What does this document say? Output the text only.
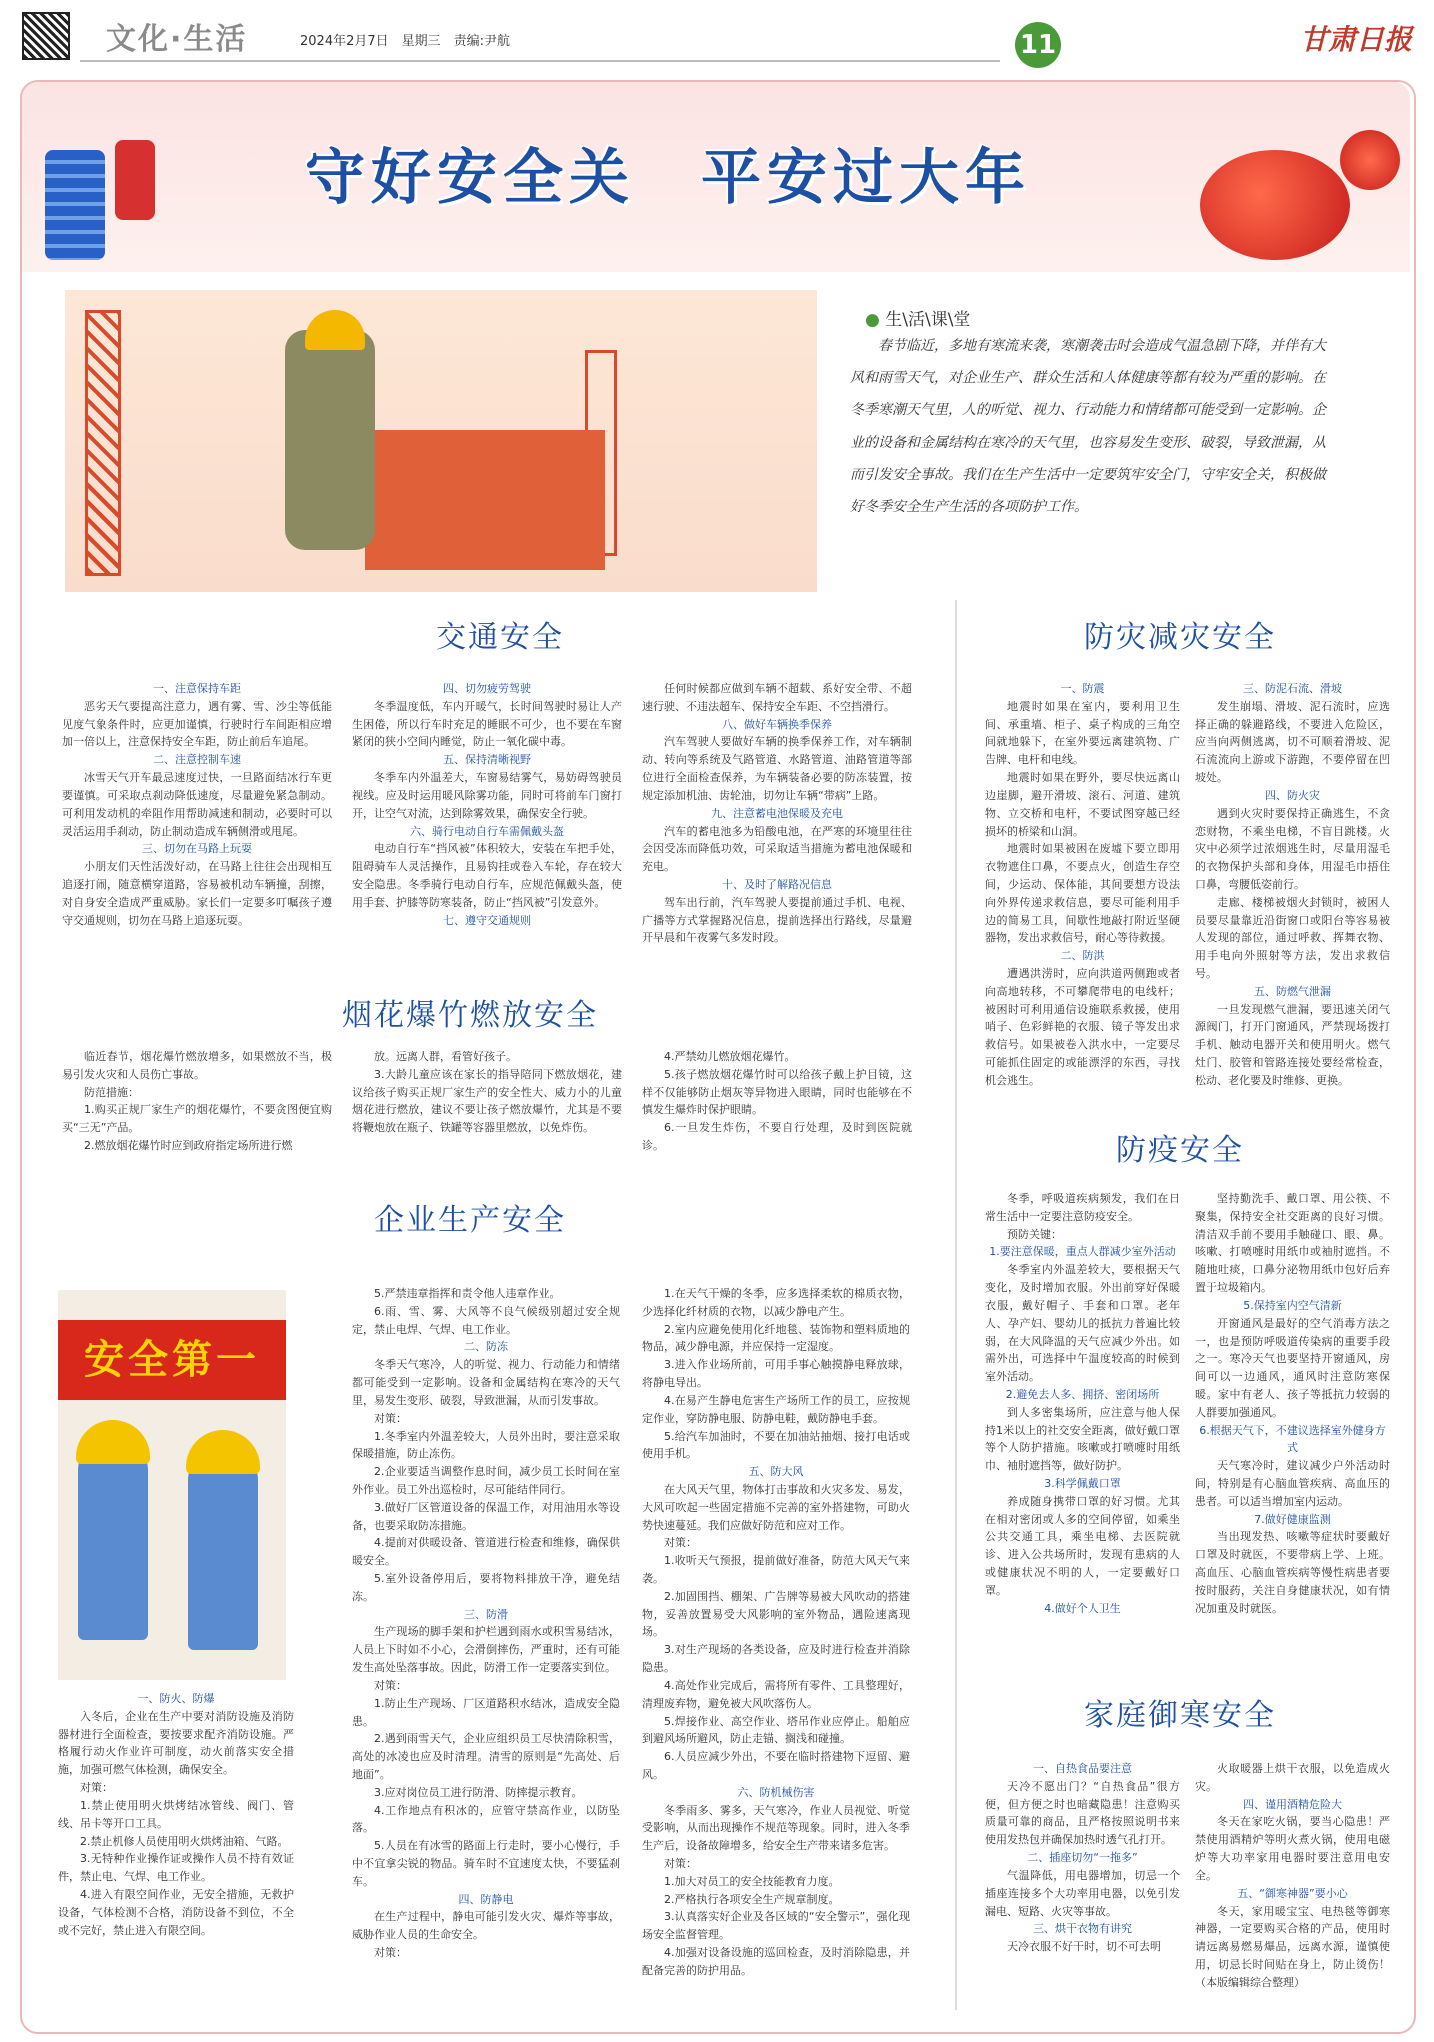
文化·生活	2024年2月7日　星期三　责编:尹航	11	甘肃日报
守好安全关　平安过大年
● 生\活\课\堂
春节临近，多地有寒流来袭，寒潮袭击时会造成气温急剧下降，并伴有大风和雨雪天气，对企业生产、群众生活和人体健康等都有较为严重的影响。在冬季寒潮天气里，人的听觉、视力、行动能力和情绪都可能受到一定影响。企业的设备和金属结构在寒冷的天气里，也容易发生变形、破裂，导致泄漏，从而引发安全事故。我们在生产生活中一定要筑牢安全门，守牢安全关，积极做好冬季安全生产生活的各项防护工作。
交通安全
一、注意保持车距

恶劣天气要提高注意力，遇有雾、雪、沙尘等低能见度气象条件时，应更加谨慎，行驶时行车间距相应增加一倍以上，注意保持安全车距，防止前后车追尾。

二、注意控制车速

冰雪天气开车最忌速度过快，一旦路面结冰行车更要谨慎。可采取点刹动降低速度，尽量避免紧急制动。可利用发动机的牵阻作用帮助减速和制动，必要时可以灵活运用手刹动，防止制动造成车辆侧滑或甩尾。

三、切勿在马路上玩耍

小朋友们天性活泼好动，在马路上往往会出现相互追逐打闹，随意横穿道路，容易被机动车辆撞，刮擦，对自身安全造成严重威胁。家长们一定要多叮嘱孩子遵守交通规则，切勿在马路上追逐玩耍。

四、切勿疲劳驾驶

冬季温度低，车内开暖气，长时间驾驶时易让人产生困倦，所以行车时充足的睡眠不可少，也不要在车窗紧闭的狭小空间内睡觉，防止一氧化碳中毒。

五、保持清晰视野

冬季车内外温差大，车窗易结雾气，易妨碍驾驶员视线。应及时运用暖风除雾功能，同时可将前车门窗打开，让空气对流，达到除雾效果，确保安全行驶。

六、骑行电动自行车需佩戴头盔

电动自行车“挡风被”体积较大，安装在车把手处，阻碍骑车人灵活操作，且易钩挂或卷入车轮，存在较大安全隐患。冬季骑行电动自行车，应规范佩戴头盔，使用手套、护膝等防寒装备，防止“挡风被”引发意外。

七、遵守交通规则

任何时候都应做到车辆不超载、系好安全带、不超速行驶、不违法超车、保持安全车距、不空挡滑行。

八、做好车辆换季保养

汽车驾驶人要做好车辆的换季保养工作，对车辆制动、转向等系统及气路管道、水路管道、油路管道等部位进行全面检查保养，为车辆装备必要的防冻装置，按规定添加机油、齿轮油，切勿让车辆“带病”上路。

九、注意蓄电池保暖及充电

汽车的蓄电池多为铅酸电池，在严寒的环境里往往会因受冻而降低功效，可采取适当措施为蓄电池保暖和充电。

十、及时了解路况信息

驾车出行前，汽车驾驶人要提前通过手机、电视、广播等方式掌握路况信息，提前选择出行路线，尽量避开早晨和午夜雾气多发时段。

烟花爆竹燃放安全

临近春节，烟花爆竹燃放增多，如果燃放不当，极易引发火灾和人员伤亡事故。

防范措施：

1.购买正规厂家生产的烟花爆竹，不要贪图便宜购买“三无”产品。

2.燃放烟花爆竹时应到政府指定场所进行燃

放。远离人群，看管好孩子。

3.大龄儿童应该在家长的指导陪同下燃放烟花，建议给孩子购买正规厂家生产的安全性大、威力小的儿童烟花进行燃放，建议不要让孩子燃放爆竹，尤其是不要将鞭炮放在瓶子、铁罐等容器里燃放，以免炸伤。

4.严禁幼儿燃放烟花爆竹。

5.孩子燃放烟花爆竹时可以给孩子戴上护目镜，这样不仅能够防止烟灰等异物进入眼睛，同时也能够在不慎发生爆炸时保护眼睛。

6.一旦发生炸伤，不要自行处理，及时到医院就诊。

企业生产安全
安全第一
一、防火、防爆

入冬后，企业在生产中要对消防设施及消防器材进行全面检查，要按要求配齐消防设施。严格履行动火作业许可制度，动火前落实安全措施，加强可燃气体检测，确保安全。

对策：

1.禁止使用明火烘烤结冰管线、阀门、管线、吊卡等开口工具。

2.禁止机修人员使用明火烘烤油箱、气路。

3.无特种作业操作证或操作人员不持有效证件，禁止电、气焊、电工作业。

4.进入有限空间作业，无安全措施，无救护设备，气体检测不合格，消防设备不到位，不全或不完好，禁止进入有限空间。

5.严禁违章指挥和责令他人违章作业。

6.雨、雪、雾、大风等不良气候级别超过安全规定，禁止电焊、气焊、电工作业。

二、防冻

冬季天气寒冷，人的听觉、视力、行动能力和情绪都可能受到一定影响。设备和金属结构在寒冷的天气里，易发生变形、破裂，导致泄漏，从而引发事故。

对策：

1.冬季室内外温差较大，人员外出时，要注意采取保暖措施，防止冻伤。

2.企业要适当调整作息时间，减少员工长时间在室外作业。员工外出巡检时，尽可能结伴同行。

3.做好厂区管道设备的保温工作，对用油用水等设备，也要采取防冻措施。

4.提前对供暖设备、管道进行检查和维修，确保供暖安全。

5.室外设备停用后，要将物料排放干净，避免结冻。

三、防滑

生产现场的脚手架和护栏遇到雨水或积雪易结冰，人员上下时如不小心，会滑倒摔伤，严重时，还有可能发生高处坠落事故。因此，防滑工作一定要落实到位。

对策：

1.防止生产现场、厂区道路积水结冰，造成安全隐患。

2.遇到雨雪天气，企业应组织员工尽快清除积雪，高处的冰凌也应及时清理。清雪的原则是“先高处、后地面”。

3.应对岗位员工进行防滑、防摔提示教育。

4.工作地点有积冰的，应管守禁高作业，以防坠落。

5.人员在有冰雪的路面上行走时，要小心慢行，手中不宜拿尖锐的物品。骑车时不宜速度太快，不要猛刹车。

四、防静电

在生产过程中，静电可能引发火灾、爆炸等事故，威胁作业人员的生命安全。

对策：

1.在天气干燥的冬季，应多选择柔软的棉质衣物，少选择化纤材质的衣物，以减少静电产生。

2.室内应避免使用化纤地毯、装饰物和塑料质地的物品，减少静电源，并应保持一定湿度。

3.进入作业场所前，可用手事心触摸静电释放球，将静电导出。

4.在易产生静电危害生产场所工作的员工，应按规定作业，穿防静电服、防静电鞋，戴防静电手套。

5.给汽车加油时，不要在加油站抽烟、接打电话或使用手机。

五、防大风

在大风天气里，物体打击事故和火灾多发、易发，大风可吹起一些固定措施不完善的室外搭建物，可助火势快速蔓延。我们应做好防范和应对工作。

对策：

1.收听天气预报，提前做好准备，防范大风天气来袭。

2.加固围挡、棚架、广告牌等易被大风吹动的搭建物，妥善放置易受大风影响的室外物品，遇险速离现场。

3.对生产现场的各类设备，应及时进行检查并消除隐患。

4.高处作业完成后，需将所有零件、工具整理好，清理废弃物，避免被大风吹落伤人。

5.焊接作业、高空作业、塔吊作业应停止。船舶应到避风场所避风，防止走锚、搁浅和碰撞。

6.人员应减少外出，不要在临时搭建物下逗留、避风。

六、防机械伤害

冬季雨多、雾多，天气寒冷，作业人员视觉、听觉受影响，从而出现操作不规范等现象。同时，进入冬季生产后，设备故障增多，给安全生产带来诸多危害。

对策：

1.加大对员工的安全技能教育力度。

2.严格执行各项安全生产规章制度。

3.认真落实好企业及各区域的“安全警示”，强化现场安全监督管理。

4.加强对设备设施的巡回检查，及时消除隐患，并配备完善的防护用品。

防灾减灾安全
一、防震

地震时如果在室内，要利用卫生间、承重墙、柜子、桌子构成的三角空间就地躲下，在室外要远离建筑物、广告牌、电杆和电线。

地震时如果在野外，要尽快远离山边崖脚，避开滑坡、滚石、河道、建筑物、立交桥和电杆，不要试图穿越已经损坏的桥梁和山洞。

地震时如果被困在废墟下要立即用衣物遮住口鼻，不要点火，创造生存空间，少运动、保体能，其间要想方设法向外界传递求救信息，要尽可能利用手边的简易工具，间歇性地敲打附近坚硬器物，发出求救信号，耐心等待救援。

二、防洪

遭遇洪涝时，应向洪道两侧跑或者向高地转移，不可攀爬带电的电线杆；被困时可利用通信设施联系救援，使用哨子、色彩鲜艳的衣服、镜子等发出求救信号。如果被卷入洪水中，一定要尽可能抓住固定的或能漂浮的东西，寻找机会逃生。

三、防泥石流、滑坡

发生崩塌、滑坡、泥石流时，应选择正确的躲避路线，不要进入危险区，应当向两侧逃离，切不可顺着滑坡、泥石流流向上游或下游跑，不要停留在凹坡处。

四、防火灾

遇到火灾时要保持正确逃生，不贪恋财物，不乘坐电梯，不盲目跳楼。火灾中必须学过浓烟逃生时，尽量用湿毛的衣物保护头部和身体，用湿毛巾捂住口鼻，弯腰低姿前行。

走廊、楼梯被烟火封锁时，被困人员要尽量靠近沿街窗口或阳台等容易被人发现的部位，通过呼救、挥舞衣物、用手电向外照射等方法，发出求救信号。

五、防燃气泄漏

一旦发现燃气泄漏，要迅速关闭气源阀门，打开门窗通风，严禁现场拨打手机、触动电器开关和使用明火。燃气灶门、胶管和管路连接处要经常检查，松动、老化要及时维修、更换。

防疫安全

冬季，呼吸道疾病频发，我们在日常生活中一定要注意防疫安全。

预防关键：

1.要注意保暖，重点人群减少室外活动

冬季室内外温差较大，要根据天气变化，及时增加衣服。外出前穿好保暖衣服，戴好帽子、手套和口罩。老年人、孕产妇、婴幼儿的抵抗力普遍比较弱，在大风降温的天气应减少外出。如需外出，可选择中午温度较高的时候到室外活动。

2.避免去人多、拥挤、密闭场所

到人多密集场所，应注意与他人保持1米以上的社交安全距离，做好戴口罩等个人防护措施。咳嗽或打喷嚏时用纸巾、袖肘遮挡等，做好防护。

3.科学佩戴口罩

养成随身携带口罩的好习惯。尤其在相对密闭或人多的空间停留，如乘坐公共交通工具，乘坐电梯、去医院就诊、进入公共场所时，发现有患病的人或健康状况不明的人，一定要戴好口罩。

4.做好个人卫生

坚持勤洗手、戴口罩、用公筷、不聚集，保持安全社交距离的良好习惯。清洁双手前不要用手触碰口、眼、鼻。咳嗽、打喷嚏时用纸巾或袖肘遮挡。不随地吐痰，口鼻分泌物用纸巾包好后弃置于垃圾箱内。

5.保持室内空气清新

开窗通风是最好的空气消毒方法之一，也是预防呼吸道传染病的重要手段之一。寒冷天气也要坚持开窗通风，房间可以一边通风，通风时注意防寒保暖。家中有老人、孩子等抵抗力较弱的人群要加强通风。

6.根据天气下，不建议选择室外健身方式

天气寒冷时，建议减少户外活动时间，特别是有心脑血管疾病、高血压的患者。可以适当增加室内运动。

7.做好健康监测

当出现发热、咳嗽等症状时要戴好口罩及时就医，不要带病上学、上班。高血压、心脑血管疾病等慢性病患者要按时服药，关注自身健康状况，如有情况加重及时就医。

家庭御寒安全
一、自热食品要注意

天冷不愿出门？“自热食品”很方便，但方便之时也暗藏隐患！注意购买质量可靠的商品，且严格按照说明书来使用发热包并确保加热时透气孔打开。

二、插座切勿“一拖多”

气温降低，用电器增加，切忌一个插座连接多个大功率用电器，以免引发漏电、短路、火灾等事故。

三、烘干衣物有讲究

天冷衣服不好干时，切不可去明

火取暖器上烘干衣服，以免造成火灾。

四、谨用酒精危险大

冬天在家吃火锅，要当心隐患！严禁使用酒精炉等明火煮火锅，使用电磁炉等大功率家用电器时要注意用电安全。

五、“御寒神器”要小心

冬天，家用暖宝宝、电热毯等御寒神器，一定要购买合格的产品，使用时请远离易燃易爆品，远离水源，谨慎使用，切忌长时间贴在身上，防止烫伤！（本版编辑综合整理）
